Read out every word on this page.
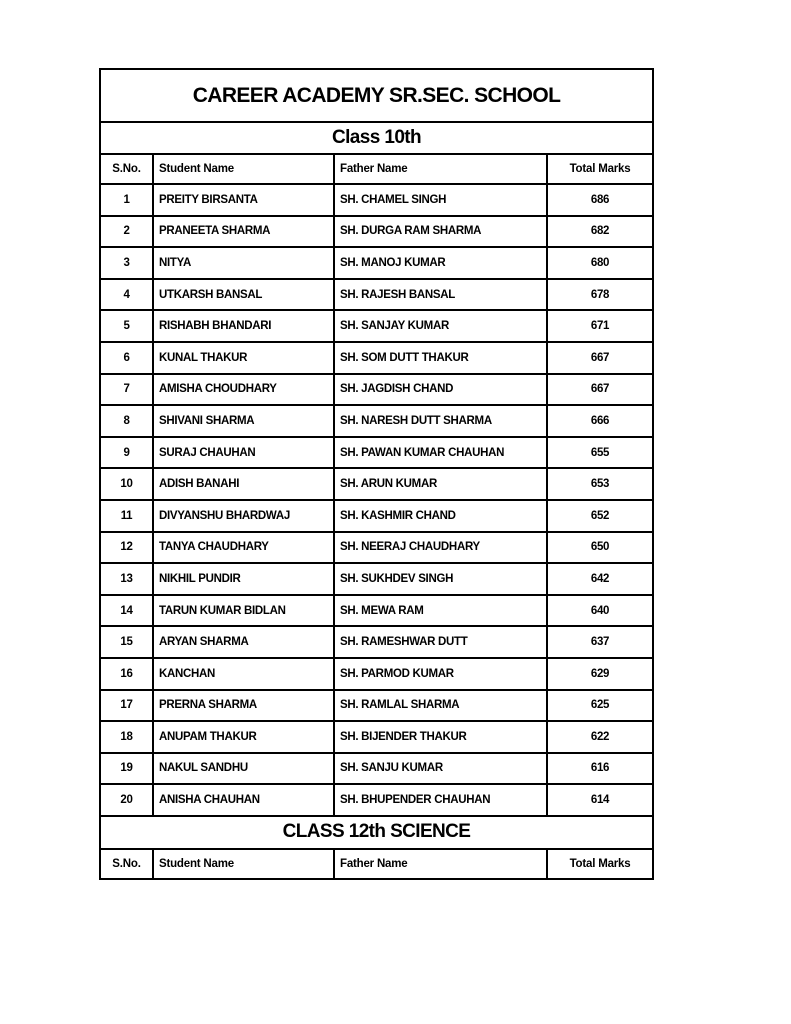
CAREER ACADEMY SR.SEC. SCHOOL			
Class 10th			
S.No.	Student Name	Father Name	Total Marks
1	PREITY BIRSANTA	SH. CHAMEL SINGH	686
2	PRANEETA SHARMA	SH. DURGA RAM SHARMA	682
3	NITYA	SH. MANOJ KUMAR	680
4	UTKARSH BANSAL	SH. RAJESH BANSAL	678
5	RISHABH BHANDARI	SH. SANJAY KUMAR	671
6	KUNAL THAKUR	SH. SOM DUTT THAKUR	667
7	AMISHA CHOUDHARY	SH. JAGDISH CHAND	667
8	SHIVANI SHARMA	SH. NARESH DUTT SHARMA	666
9	SURAJ CHAUHAN	SH. PAWAN KUMAR CHAUHAN	655
10	ADISH BANAHI	SH. ARUN KUMAR	653
11	DIVYANSHU BHARDWAJ	SH. KASHMIR CHAND	652
12	TANYA CHAUDHARY	SH. NEERAJ CHAUDHARY	650
13	NIKHIL PUNDIR	SH. SUKHDEV SINGH	642
14	TARUN KUMAR BIDLAN	SH. MEWA RAM	640
15	ARYAN SHARMA	SH. RAMESHWAR DUTT	637
16	KANCHAN	SH. PARMOD KUMAR	629
17	PRERNA SHARMA	SH. RAMLAL SHARMA	625
18	ANUPAM THAKUR	SH. BIJENDER THAKUR	622
19	NAKUL SANDHU	SH. SANJU KUMAR	616
20	ANISHA CHAUHAN	SH. BHUPENDER CHAUHAN	614
CLASS 12th SCIENCE			
S.No.	Student Name	Father Name	Total Marks
